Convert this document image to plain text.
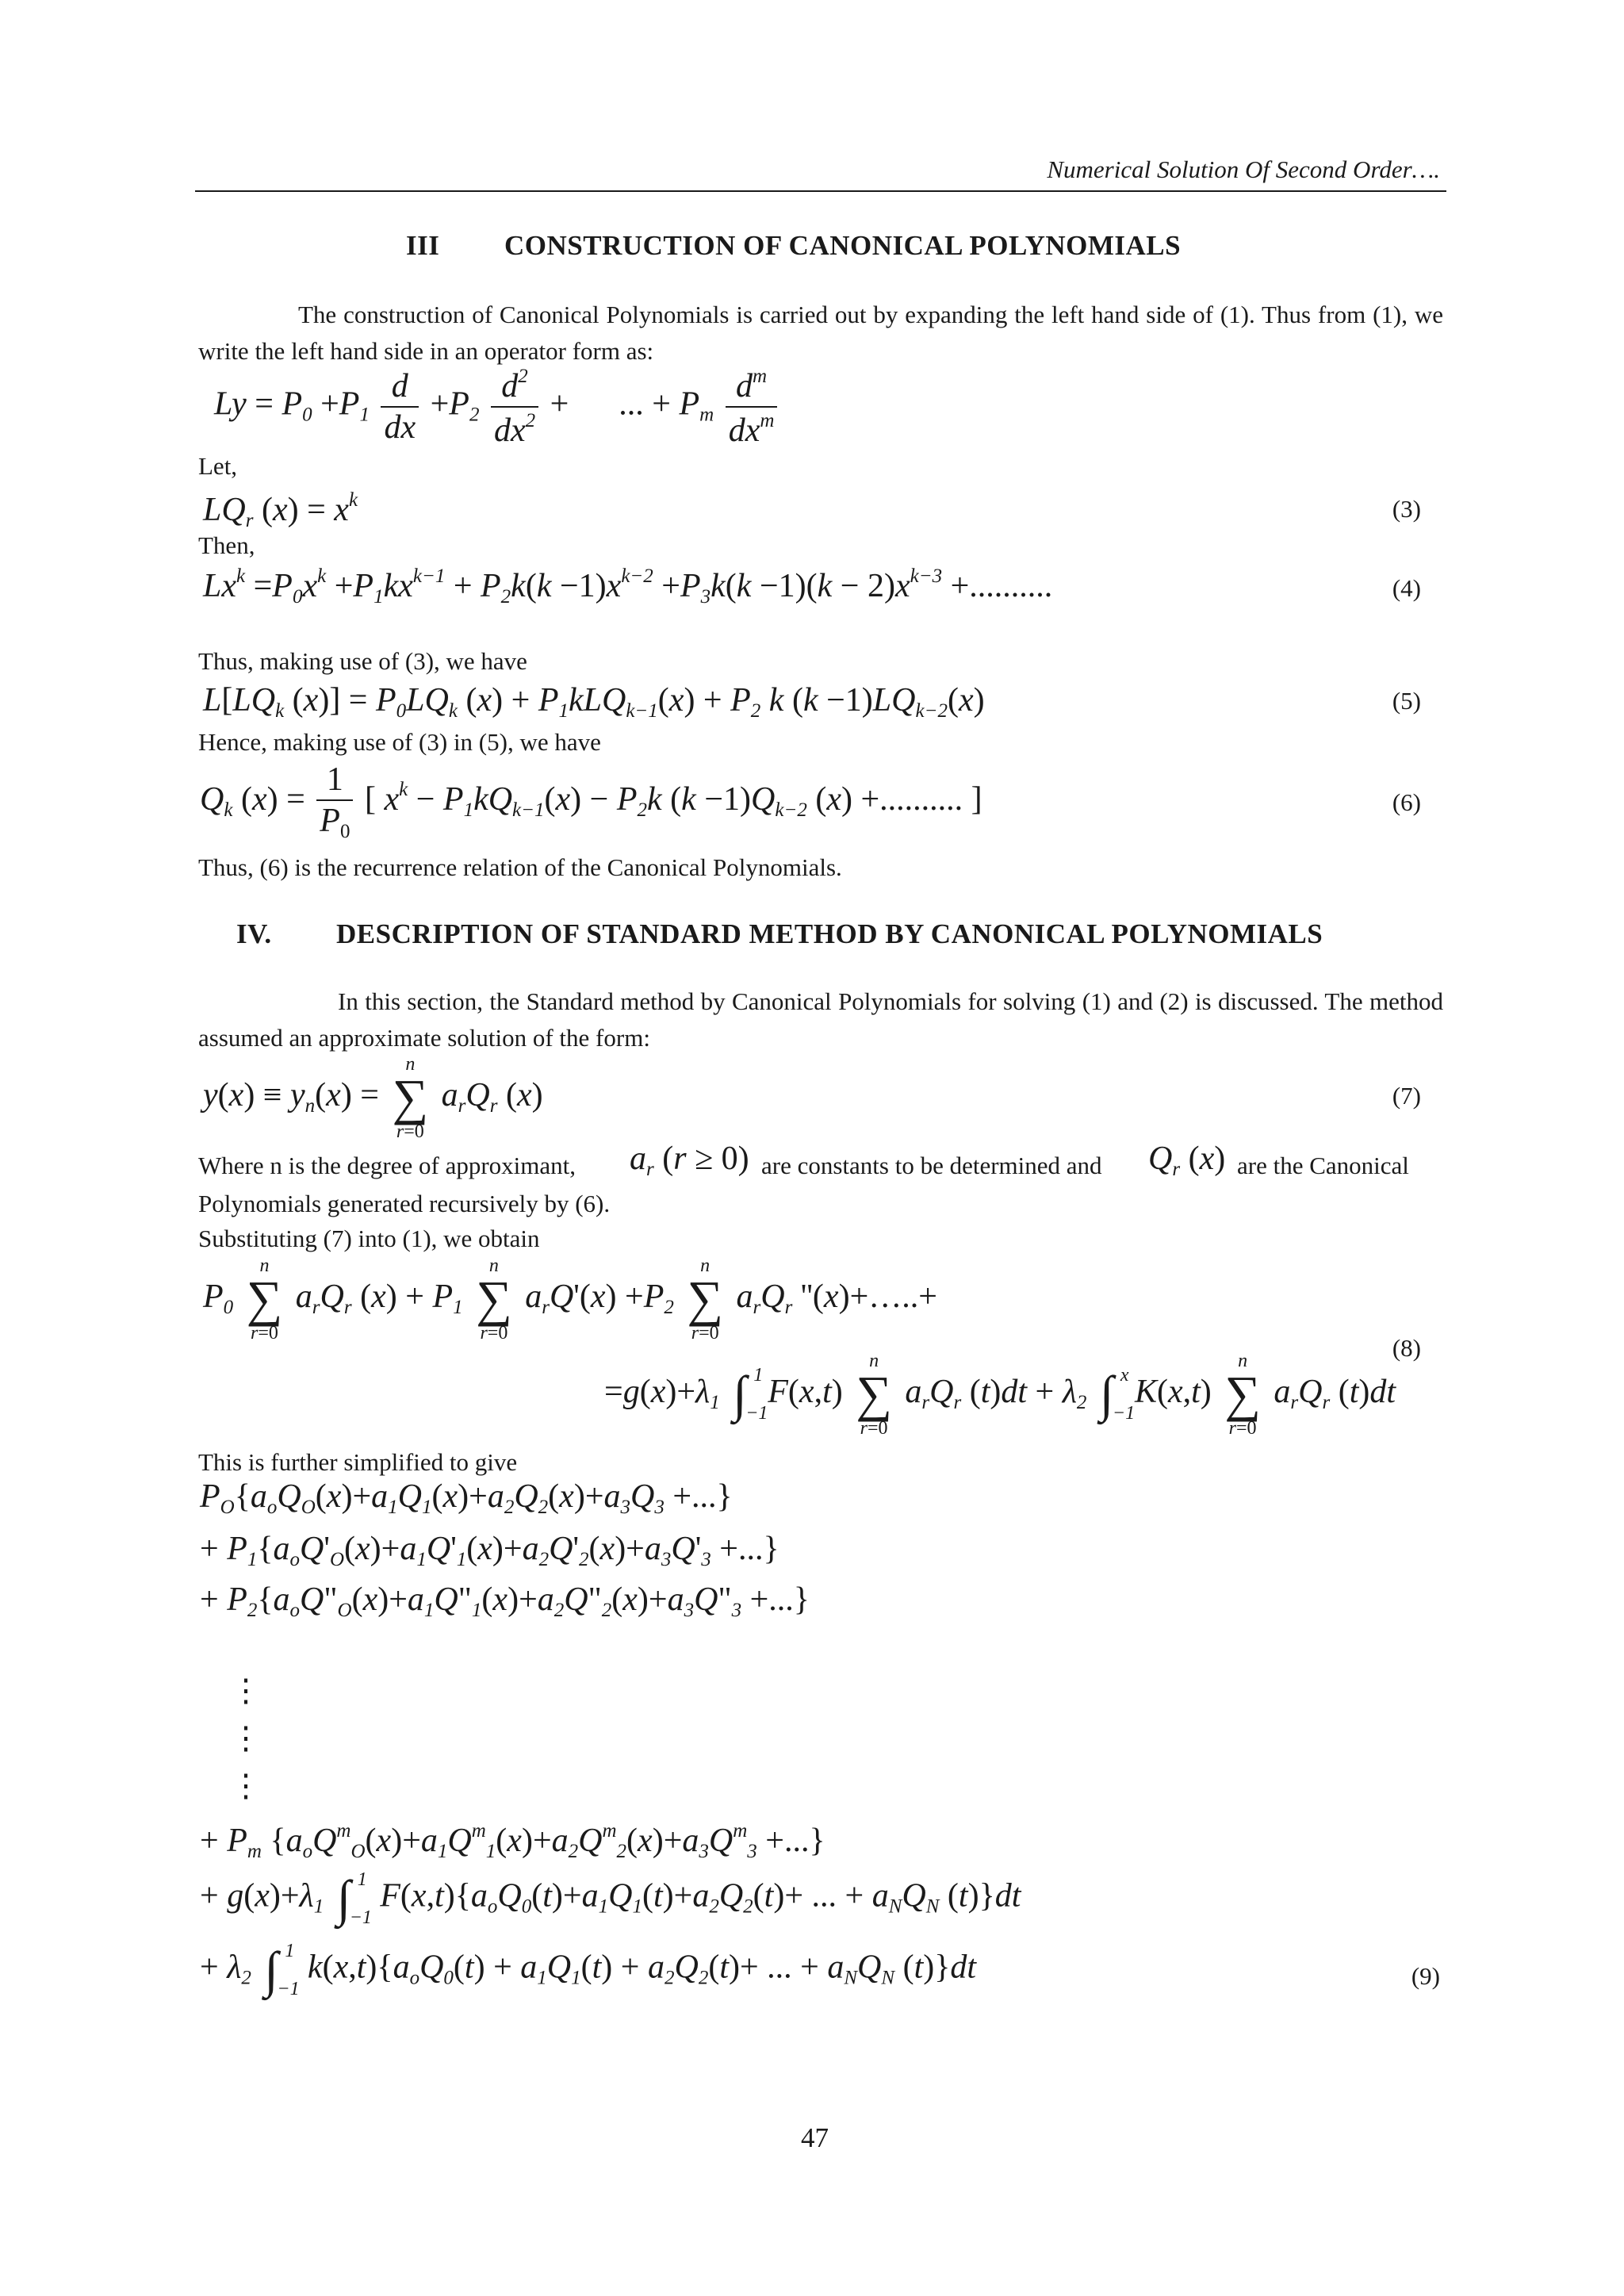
Numerical Solution Of Second Order….
III CONSTRUCTION OF CANONICAL POLYNOMIALS
The construction of Canonical Polynomials is carried out by expanding the left hand side of (1). Thus from (1), we write the left hand side in an operator form as:
$Ly = P_0 +P_1 \frac{d}{dx} +P_2 \frac{d^2}{dx^2}$ +      ... + $P_m \frac{d^m}{dx^m}$
Let,
$LQ_r$ $(x) = x^k$	(3)
Then,
$Lx^k =P_0x^k +P_1kx^{k-1} + P_2k(k -1)x^{k-2} +P_3k(k -1)(k - 2)x^{k-3}$ +..........	(4)
Thus, making use of (3), we have
$L[LQ_k$ $(x)] = P_0LQ_k$ $(x) + P_1kLQ_{k-1}(x) + P_2$ k $(k -1)LQ_{k-2}(x)$	(5)
Hence, making use of (3) in (5), we have
$Q_k$ $(x) = \frac{1}{P_0}$ [ $x^k - P_1kQ_{k-1}(x) - P_2k$ $(k -1)Q_{k-2}$ (x) +.......... ]	(6)
Thus, (6) is the recurrence relation of the Canonical Polynomials.
IV. DESCRIPTION OF STANDARD METHOD BY CANONICAL POLYNOMIALS
In this section, the Standard method by Canonical Polynomials for solving (1) and (2) is discussed. The method assumed an approximate solution of the form:
$y(x) \equiv y_n(x)$ =
n
∑
r=0
$a_rQ_r$ (x)	(7)
Where n is the degree of approximant, $a_r$ (r ≥ 0) are constants to be determined and $Q_r$ (x) are the Canonical
Polynomials generated recursively by (6).
Substituting (7) into (1), we obtain
$P_0$
n
∑
r=0
$a_rQ_r$ $(x) + P_1$
n
∑
r=0
$a_rQ'(x) +P_2$
n
∑
r=0
$a_rQ_r$ ''(x)+…..+
(8)
$=g(x)+\lambda_1$ ∫ 1
−1
F(x,t)
n
∑
r=0
$a_rQ_r$ $(t)dt + \lambda_2$ ∫ x
−1
K(x,t)
n
∑
r=0
$a_rQ_r$ (t)dt
This is further simplified to give
$P_O\{a_oQ_O(x)+a_1Q_1(x)+a_2Q_2(x)+a_3Q_3$ +...}
+ $P_1\{a_oQ'_O(x)+a_1Q'_1(x)+a_2Q'_2(x)+a_3Q'_3$ +...}
+ $P_2\{a_oQ"_O(x)+a_1Q"_1(x)+a_2Q"_2(x)+a_3Q"_3$ +...}
⋮
⋮
⋮
+ $P_m$ {$a_oQ^m_O(x)+a_1Q^m_1(x)+a_2Q^m_2(x)+a_3Q^m_3$ +...}
+ $g(x)+\lambda_1$ ∫ 1
−1
$F(x,t)\{a_oQ_0(t)+a_1Q_1(t)+a_2Q_2(t)+$ ... + $a_NQ_N$ (t)}dt
+ $\lambda_2$ ∫ 1
−1
$k(x,t)\{a_oQ_0(t) + a_1Q_1(t) + a_2Q_2(t)+$ ... + $a_NQ_N$ (t)}dt	(9)
47
